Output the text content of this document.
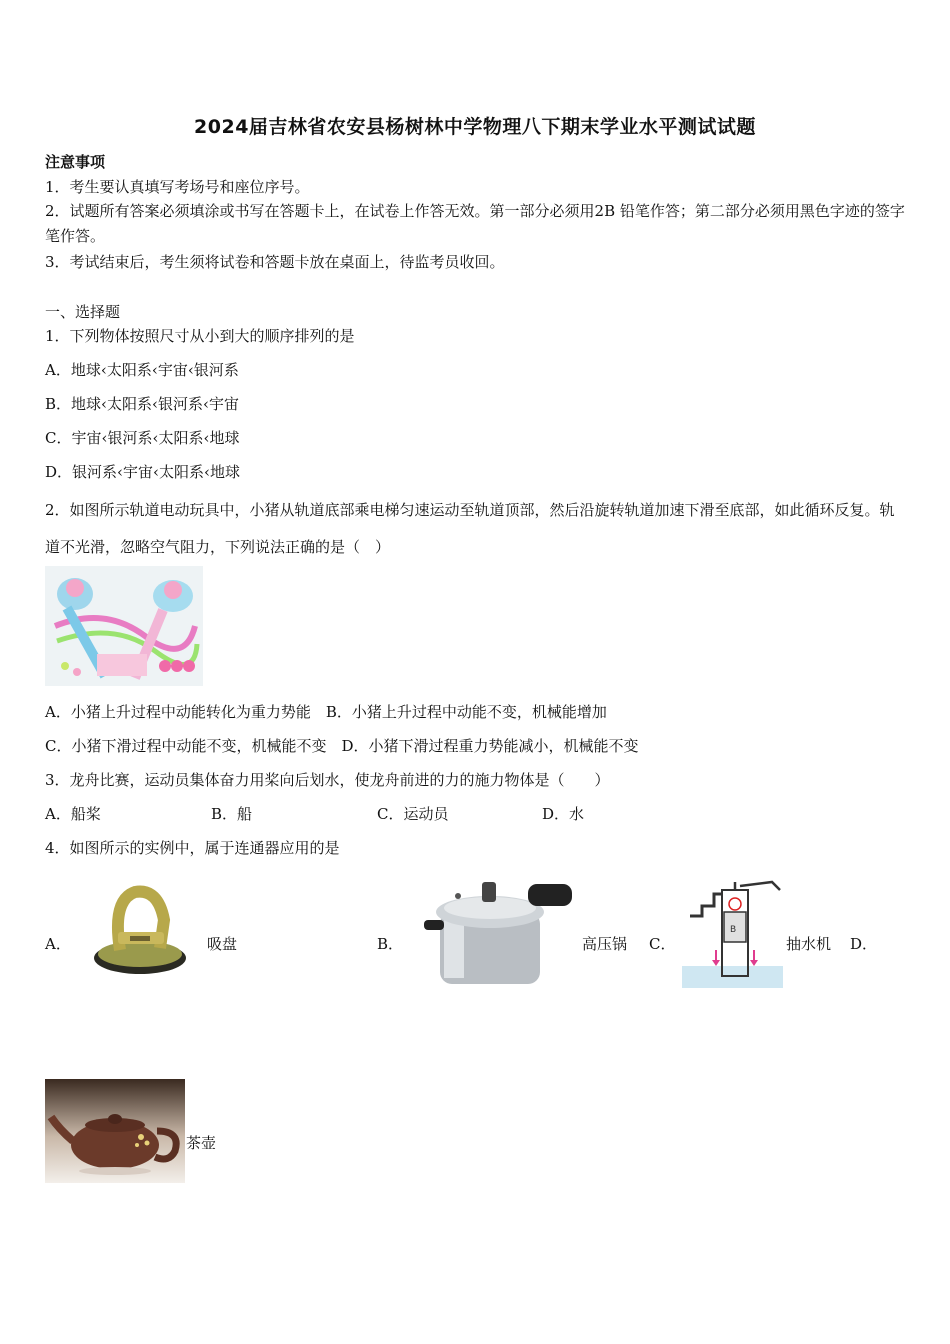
2024届吉林省农安县杨树林中学物理八下期末学业水平测试试题
注意事项
1．考生要认真填写考场号和座位序号。
2．试题所有答案必须填涂或书写在答题卡上，在试卷上作答无效。第一部分必须用2B 铅笔作答；第二部分必须用黑色字迹的签字笔作答。
3．考试结束后，考生须将试卷和答题卡放在桌面上，待监考员收回。
一、选择题
1．下列物体按照尺寸从小到大的顺序排列的是
A．地球‹太阳系‹宇宙‹银河系
B．地球‹太阳系‹银河系‹宇宙
C．宇宙‹银河系‹太阳系‹地球
D．银河系‹宇宙‹太阳系‹地球
2．如图所示轨道电动玩具中，小猪从轨道底部乘电梯匀速运动至轨道顶部，然后沿旋转轨道加速下滑至底部，如此循环反复。轨道不光滑，忽略空气阻力，下列说法正确的是（　）
A．小猪上升过程中动能转化为重力势能　B．小猪上升过程中动能不变，机械能增加
C．小猪下滑过程中动能不变，机械能不变　D．小猪下滑过程重力势能减小，机械能不变
3．龙舟比赛，运动员集体奋力用桨向后划水，使龙舟前进的力的施力物体是（　　）
A．船桨	B．船	C．运动员	D．水
4．如图所示的实例中，属于连通器应用的是
A．	吸盘	B．	高压锅 C．
B
抽水机 D．
茶壶
